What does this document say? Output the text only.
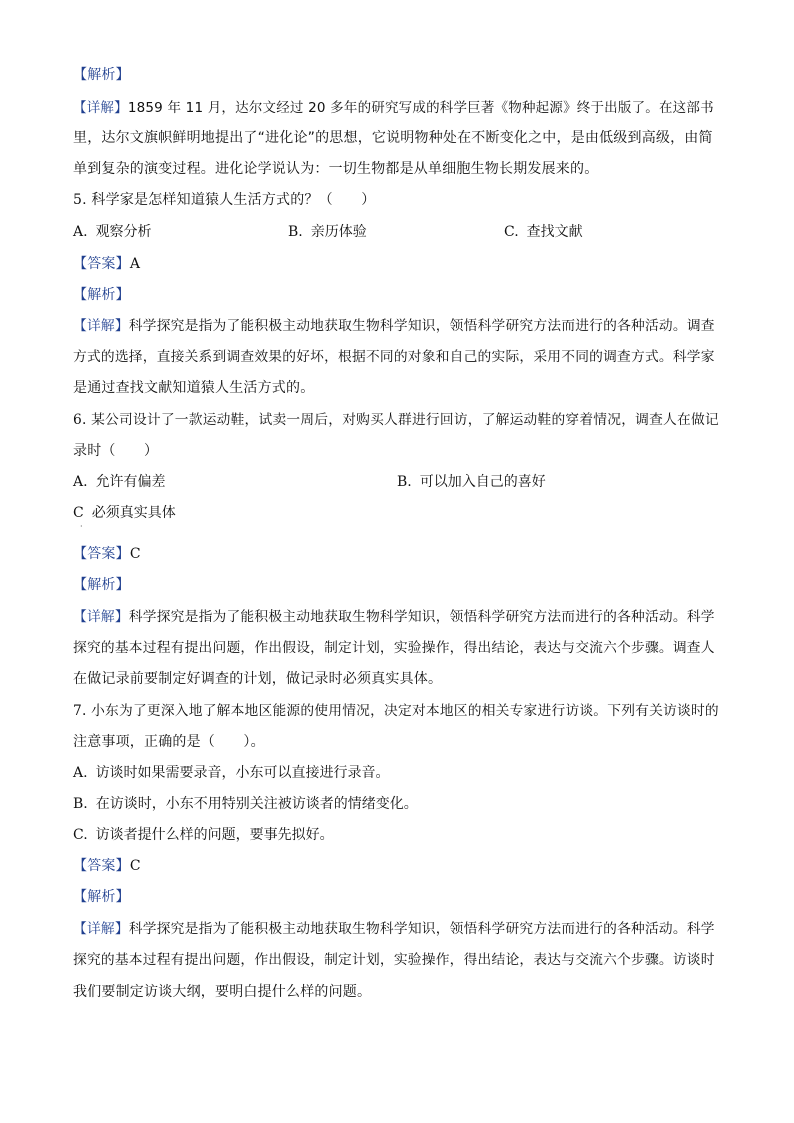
【解析】
【详解】1859 年 11 月，达尔文经过 20 多年的研究写成的科学巨著《物种起源》终于出版了。在这部书
里，达尔文旗帜鲜明地提出了“进化论”的思想，它说明物种处在不断变化之中，是由低级到高级，由简
单到复杂的演变过程。进化论学说认为：一切生物都是从单细胞生物长期发展来的。
5. 科学家是怎样知道猿人生活方式的？（　　）
A. 观察分析	B. 亲历体验	C. 查找文献
【答案】A
【解析】
【详解】科学探究是指为了能积极主动地获取生物科学知识，领悟科学研究方法而进行的各种活动。调查
方式的选择，直接关系到调查效果的好坏，根据不同的对象和自己的实际，采用不同的调查方式。科学家
是通过查找文献知道猿人生活方式的。
6. 某公司设计了一款运动鞋，试卖一周后，对购买人群进行回访，了解运动鞋的穿着情况，调查人在做记
录时（　　）
A. 允许有偏差	B. 可以加入自己的喜好
C 必须真实具体
·
【答案】C
【解析】
【详解】科学探究是指为了能积极主动地获取生物科学知识，领悟科学研究方法而进行的各种活动。科学
探究的基本过程有提出问题，作出假设，制定计划，实验操作，得出结论，表达与交流六个步骤。调查人
在做记录前要制定好调查的计划，做记录时必须真实具体。
7. 小东为了更深入地了解本地区能源的使用情况，决定对本地区的相关专家进行访谈。下列有关访谈时的
注意事项，正确的是（　　）。
A. 访谈时如果需要录音，小东可以直接进行录音。
B. 在访谈时，小东不用特别关注被访谈者的情绪变化。
C. 访谈者提什么样的问题，要事先拟好。
【答案】C
【解析】
【详解】科学探究是指为了能积极主动地获取生物科学知识，领悟科学研究方法而进行的各种活动。科学
探究的基本过程有提出问题，作出假设，制定计划，实验操作，得出结论，表达与交流六个步骤。访谈时
我们要制定访谈大纲，要明白提什么样的问题。
